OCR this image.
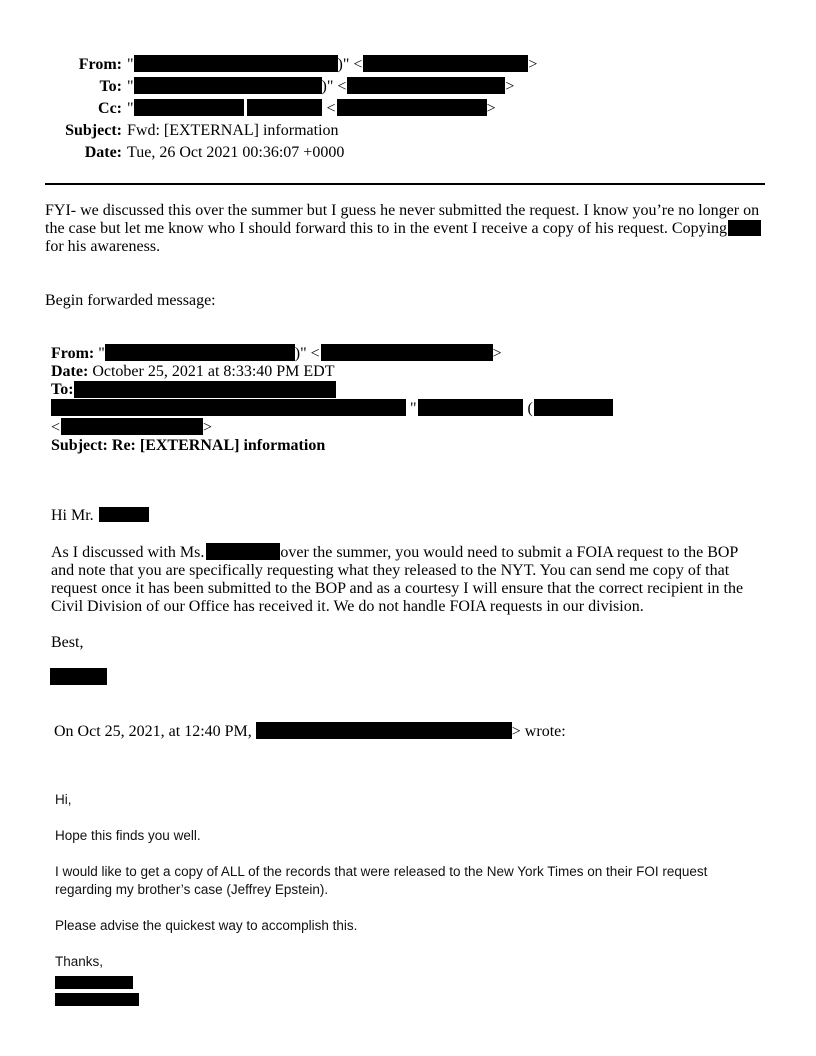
From: "	)" <	>
To: "	)" <	>
Cc: "	<	>
Subject: Fwd: [EXTERNAL] information
Date: Tue, 26 Oct 2021 00:36:07 +0000
FYI- we discussed this over the summer but I guess he never submitted the request. I know you’re no longer on the case but let me know who I should forward this to in the event I receive a copy of his request. Copying
for his awareness.
Begin forwarded message:
From: "	)" <	>
Date: October 25, 2021 at 8:33:40 PM EDT
To:
"	(
<	>
Subject: Re: [EXTERNAL] information
Hi Mr.
As I discussed with Ms.	over the summer, you would need to submit a FOIA request to the BOP and note that you are specifically requesting what they released to the NYT. You can send me copy of that request once it has been submitted to the BOP and as a courtesy I will ensure that the correct recipient in the Civil Division of our Office has received it. We do not handle FOIA requests in our division.
Best,
On Oct 25, 2021, at 12:40 PM,	> wrote:
Hi,
Hope this finds you well.
I would like to get a copy of ALL of the records that were released to the New York Times on their FOI request regarding my brother’s case (Jeffrey Epstein).
Please advise the quickest way to accomplish this.
Thanks,
